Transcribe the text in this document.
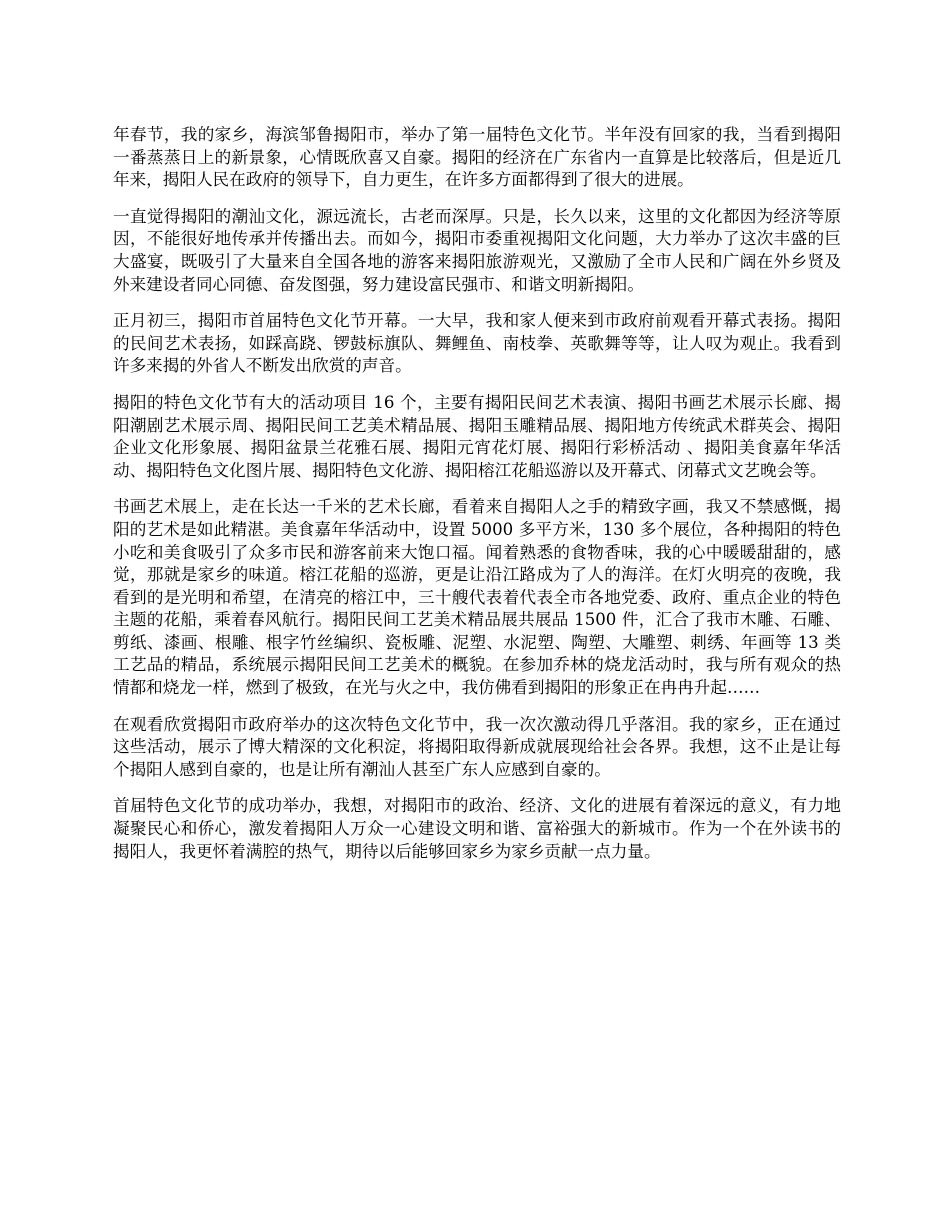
年春节，我的家乡，海滨邹鲁揭阳市，举办了第一届特色文化节。半年没有回家的我，当看到揭阳一番蒸蒸日上的新景象，心情既欣喜又自豪。揭阳的经济在广东省内一直算是比较落后，但是近几年来，揭阳人民在政府的领导下，自力更生，在许多方面都得到了很大的进展。

一直觉得揭阳的潮汕文化，源远流长，古老而深厚。只是，长久以来，这里的文化都因为经济等原因，不能很好地传承并传播出去。而如今，揭阳市委重视揭阳文化问题，大力举办了这次丰盛的巨大盛宴，既吸引了大量来自全国各地的游客来揭阳旅游观光，又激励了全市人民和广阔在外乡贤及外来建设者同心同德、奋发图强，努力建设富民强市、和谐文明新揭阳。

正月初三，揭阳市首届特色文化节开幕。一大早，我和家人便来到市政府前观看开幕式表扬。揭阳的民间艺术表扬，如踩高跷、锣鼓标旗队、舞鲤鱼、南枝拳、英歌舞等等，让人叹为观止。我看到许多来揭的外省人不断发出欣赏的声音。

揭阳的特色文化节有大的活动项目 16 个，主要有揭阳民间艺术表演、揭阳书画艺术展示长廊、揭阳潮剧艺术展示周、揭阳民间工艺美术精品展、揭阳玉雕精品展、揭阳地方传统武术群英会、揭阳企业文化形象展、揭阳盆景兰花雅石展、揭阳元宵花灯展、揭阳行彩桥活动 、揭阳美食嘉年华活动、揭阳特色文化图片展、揭阳特色文化游、揭阳榕江花船巡游以及开幕式、闭幕式文艺晚会等。

书画艺术展上，走在长达一千米的艺术长廊，看着来自揭阳人之手的精致字画，我又不禁感慨，揭阳的艺术是如此精湛。美食嘉年华活动中，设置 5000 多平方米，130 多个展位，各种揭阳的特色小吃和美食吸引了众多市民和游客前来大饱口福。闻着熟悉的食物香味，我的心中暖暖甜甜的，感觉，那就是家乡的味道。榕江花船的巡游，更是让沿江路成为了人的海洋。在灯火明亮的夜晚，我看到的是光明和希望，在清亮的榕江中，三十艘代表着代表全市各地党委、政府、重点企业的特色主题的花船，乘着春风航行。揭阳民间工艺美术精品展共展品 1500 件，汇合了我市木雕、石雕、剪纸、漆画、根雕、根字竹丝编织、瓷板雕、泥塑、水泥塑、陶塑、大雕塑、刺绣、年画等 13 类工艺品的精品，系统展示揭阳民间工艺美术的概貌。在参加乔林的烧龙活动时，我与所有观众的热情都和烧龙一样，燃到了极致，在光与火之中，我仿佛看到揭阳的形象正在冉冉升起……

在观看欣赏揭阳市政府举办的这次特色文化节中，我一次次激动得几乎落泪。我的家乡，正在通过这些活动，展示了博大精深的文化积淀，将揭阳取得新成就展现给社会各界。我想，这不止是让每个揭阳人感到自豪的，也是让所有潮汕人甚至广东人应感到自豪的。

首届特色文化节的成功举办，我想，对揭阳市的政治、经济、文化的进展有着深远的意义，有力地凝聚民心和侨心，激发着揭阳人万众一心建设文明和谐、富裕强大的新城市。作为一个在外读书的揭阳人，我更怀着满腔的热气，期待以后能够回家乡为家乡贡献一点力量。
